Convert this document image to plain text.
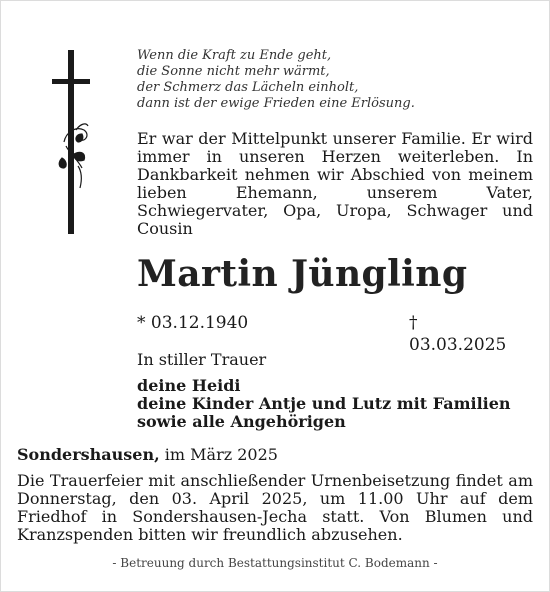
Wenn die Kraft zu Ende geht,
die Sonne nicht mehr wärmt,
der Schmerz das Lächeln einholt,
dann ist der ewige Frieden eine Erlösung.
Er war der Mittelpunkt unserer Familie. Er wird immer in unseren Herzen weiterleben. In Dankbarkeit nehmen wir Abschied von meinem lieben Ehemann, unserem Vater, Schwiegervater, Opa, Uropa, Schwager und Cousin
Martin Jüngling
* 03.12.1940	† 03.03.2025
In stiller Trauer
deine Heidi
deine Kinder Antje und Lutz mit Familien
sowie alle Angehörigen
Sondershausen, im März 2025
Die Trauerfeier mit anschließender Urnenbeisetzung findet am Donnerstag, den 03. April 2025, um 11.00 Uhr auf dem Friedhof in Sondershausen-Jecha statt. Von Blumen und Kranzspenden bitten wir freundlich abzusehen.
- Betreuung durch Bestattungsinstitut C. Bodemann -
